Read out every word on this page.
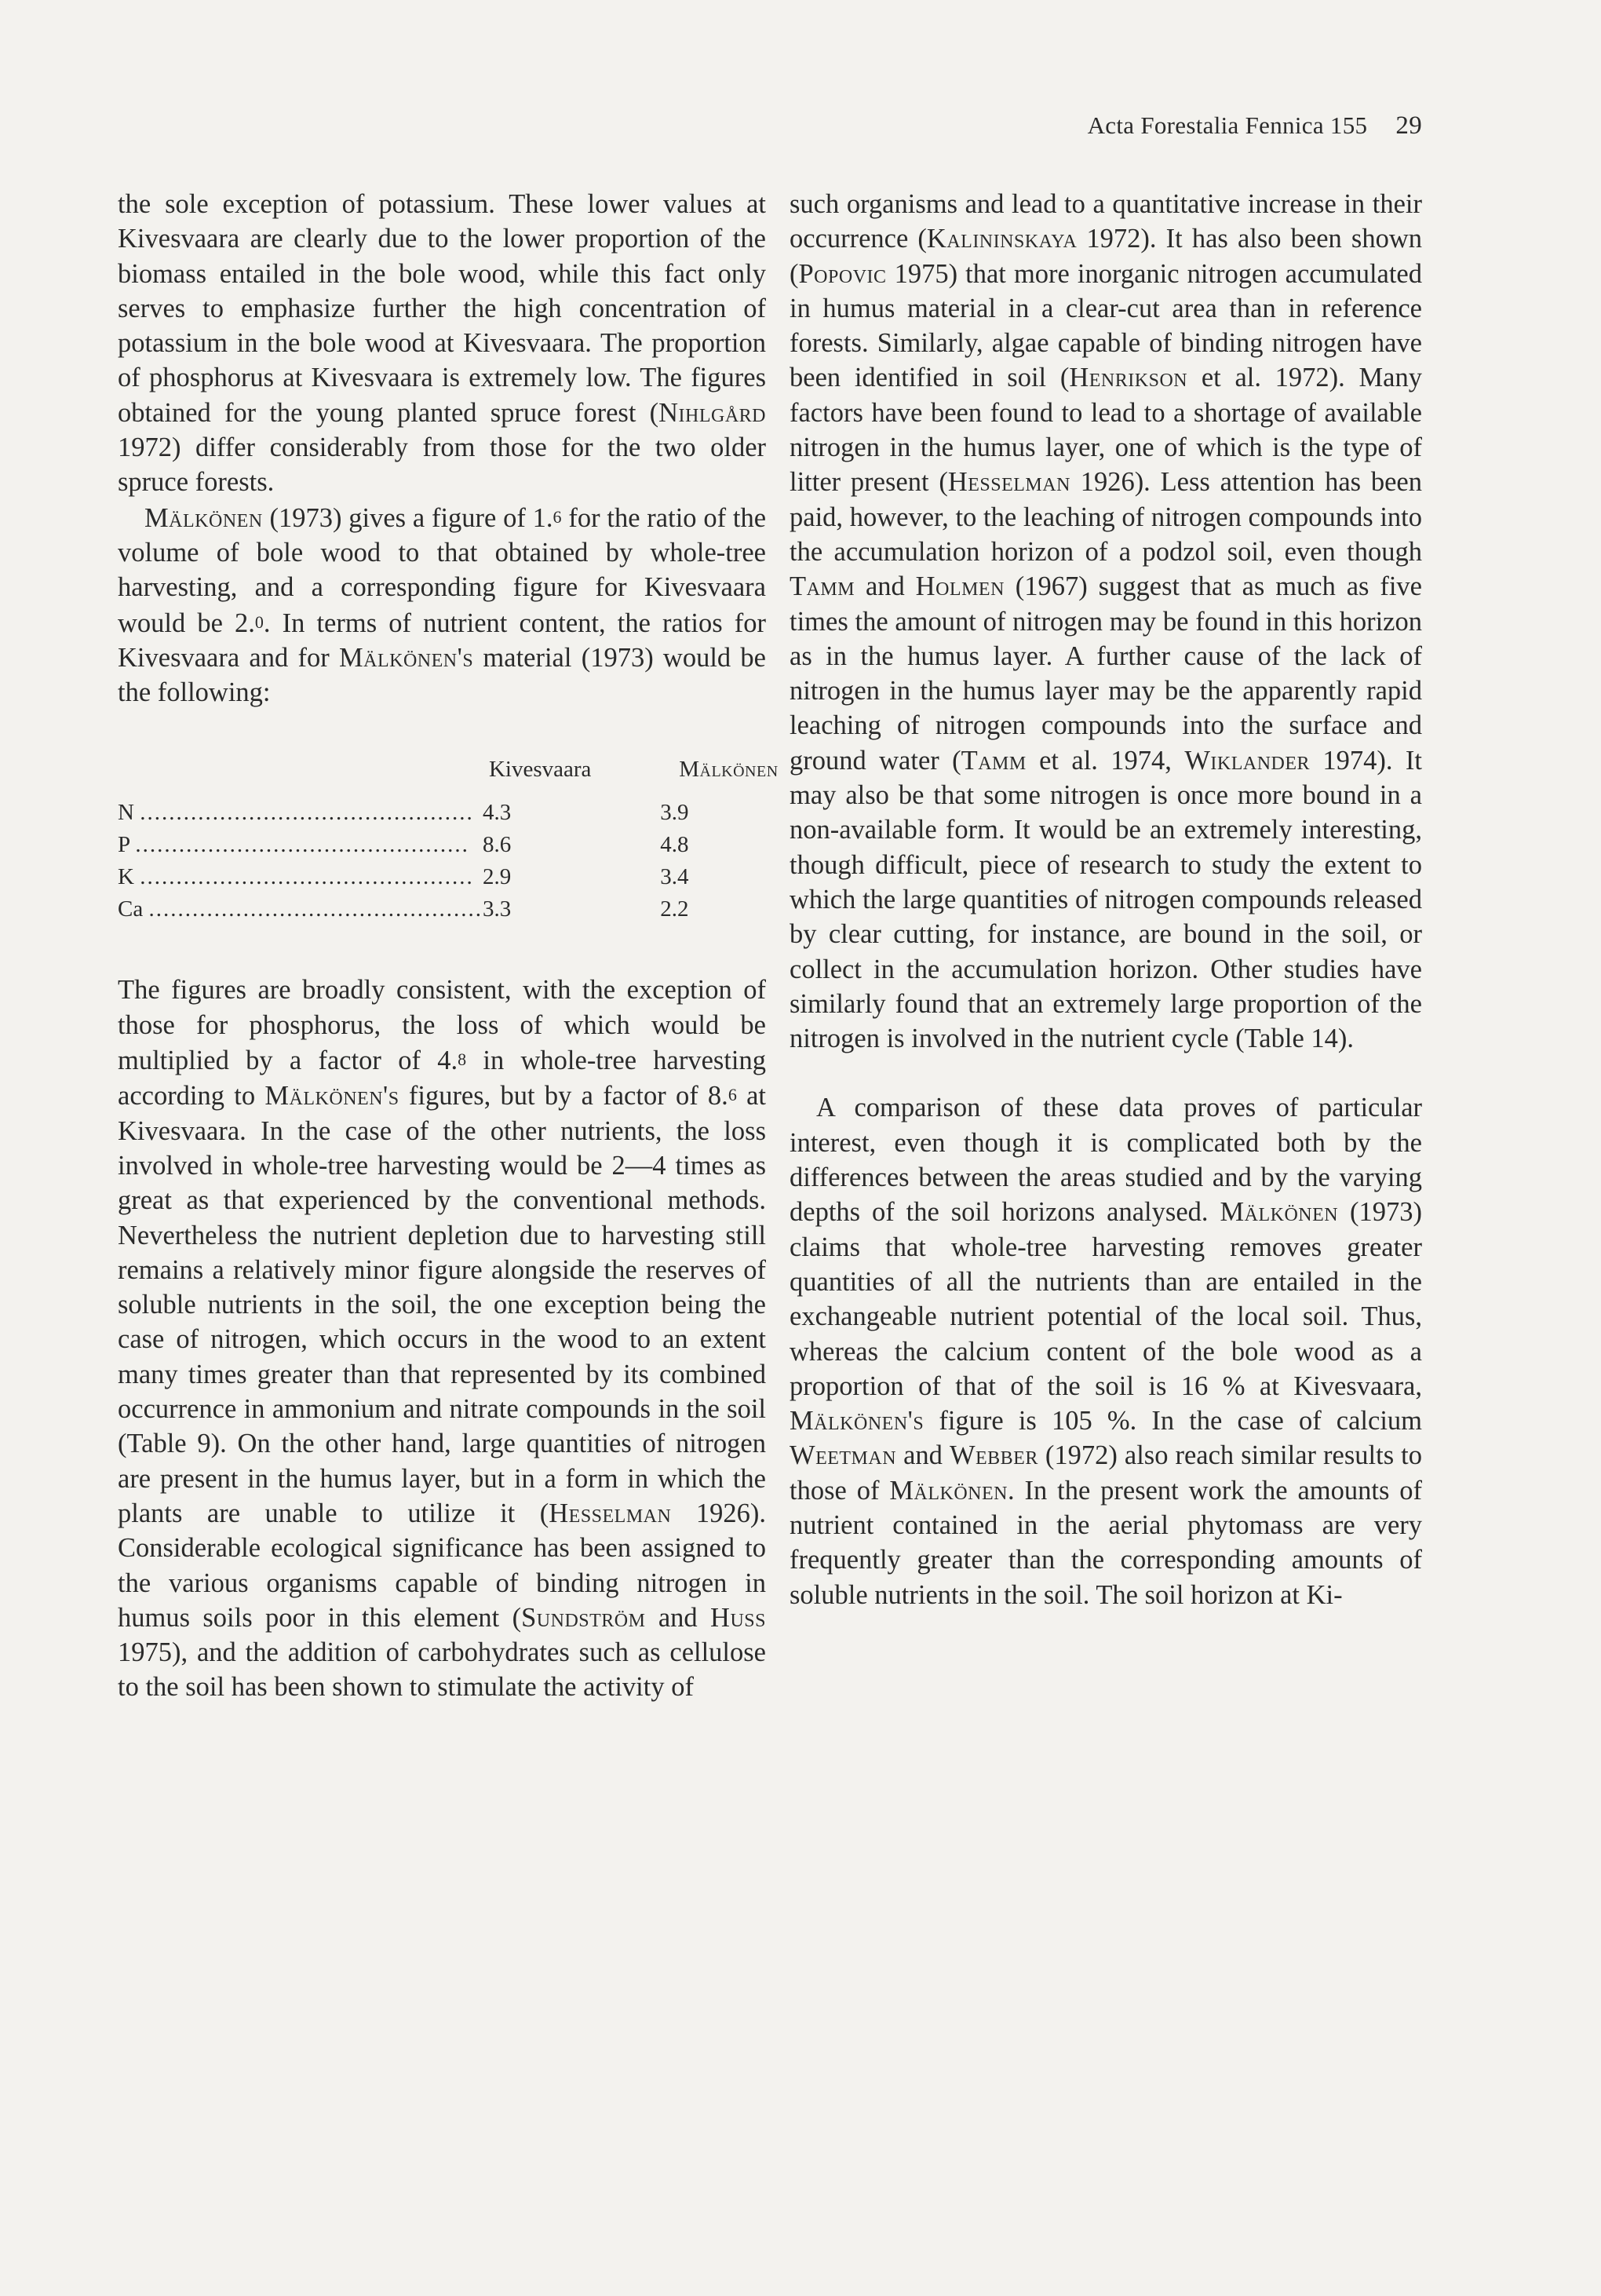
Acta Forestalia Fennica 155 29

the sole exception of potassium. These lower values at Kivesvaara are clearly due to the lower proportion of the biomass entailed in the bole wood, while this fact only serves to emphasize further the high concentration of potassium in the bole wood at Kivesvaara. The proportion of phosphorus at Kivesvaara is extremely low. The figures obtained for the young planted spruce forest (Nihlgård 1972) differ considerably from those for the two older spruce forests.

Mälkönen (1973) gives a figure of 1.$^6$ for the ratio of the volume of bole wood to that obtained by whole-tree harvesting, and a corresponding figure for Kivesvaara would be 2.$^0$. In terms of nutrient content, the ratios for Kivesvaara and for Mälkönen's material (1973) would be the following:

	Kivesvaara	Mälkönen
N ..............................................	4.3	3.9
P ..............................................	8.6	4.8
K ..............................................	2.9	3.4
Ca ..............................................	3.3	2.2

The figures are broadly consistent, with the exception of those for phosphorus, the loss of which would be multiplied by a factor of 4.$^8$ in whole-tree harvesting according to Mälkönen's figures, but by a factor of 8.$^6$ at Kivesvaara. In the case of the other nutrients, the loss involved in whole-tree harvesting would be 2—4 times as great as that experienced by the conventional methods. Nevertheless the nutrient depletion due to harvesting still remains a relatively minor figure alongside the reserves of soluble nutrients in the soil, the one exception being the case of nitrogen, which occurs in the wood to an extent many times greater than that represented by its combined occurrence in ammonium and nitrate compounds in the soil (Table 9). On the other hand, large quantities of nitrogen are present in the humus layer, but in a form in which the plants are unable to utilize it (Hesselman 1926). Considerable ecological significance has been assigned to the various organisms capable of binding nitrogen in humus soils poor in this element (Sundström and Huss 1975), and the addition of carbohydrates such as cellulose to the soil has been shown to stimulate the activity of

such organisms and lead to a quantitative increase in their occurrence (Kalininskaya 1972). It has also been shown (Popovic 1975) that more inorganic nitrogen accumulated in humus material in a clear-cut area than in reference forests. Similarly, algae capable of binding nitrogen have been identified in soil (Henrikson et al. 1972). Many factors have been found to lead to a shortage of available nitrogen in the humus layer, one of which is the type of litter present (Hesselman 1926). Less attention has been paid, however, to the leaching of nitrogen compounds into the accumulation horizon of a podzol soil, even though Tamm and Holmen (1967) suggest that as much as five times the amount of nitrogen may be found in this horizon as in the humus layer. A further cause of the lack of nitrogen in the humus layer may be the apparently rapid leaching of nitrogen compounds into the surface and ground water (Tamm et al. 1974, Wiklander 1974). It may also be that some nitrogen is once more bound in a non-available form. It would be an extremely interesting, though difficult, piece of research to study the extent to which the large quantities of nitrogen compounds released by clear cutting, for instance, are bound in the soil, or collect in the accumulation horizon. Other studies have similarly found that an extremely large proportion of the nitrogen is involved in the nutrient cycle (Table 14).

A comparison of these data proves of particular interest, even though it is complicated both by the differences between the areas studied and by the varying depths of the soil horizons analysed. Mälkönen (1973) claims that whole-tree harvesting removes greater quantities of all the nutrients than are entailed in the exchangeable nutrient potential of the local soil. Thus, whereas the calcium content of the bole wood as a proportion of that of the soil is 16 % at Kivesvaara, Mälkönen's figure is 105 %. In the case of calcium Weetman and Webber (1972) also reach similar results to those of Mälkönen. In the present work the amounts of nutrient contained in the aerial phytomass are very frequently greater than the corresponding amounts of soluble nutrients in the soil. The soil horizon at Ki-
